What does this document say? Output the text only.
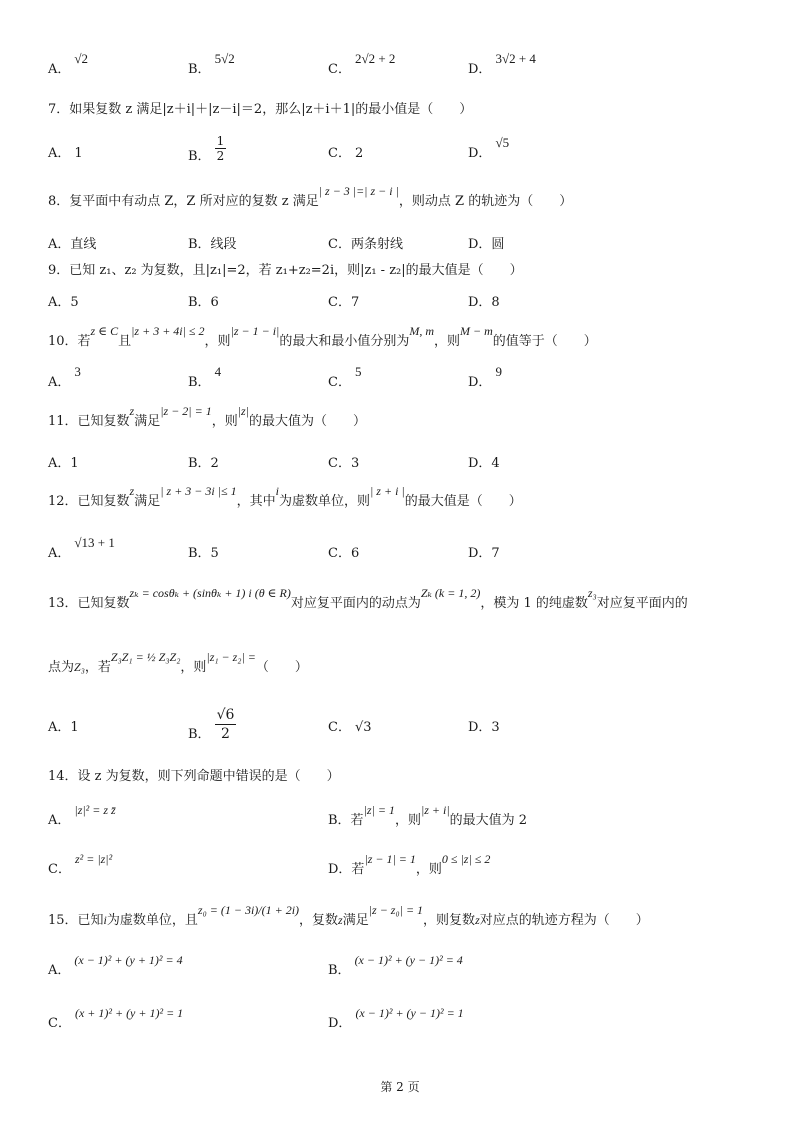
A．√2
B．5√2
C．2√2 + 2
D．3√2 + 4
7．如果复数 z 满足|z＋i|＋|z－i|＝2，那么|z＋i＋1|的最小值是（　　）
A． 1	B． $\frac{1}{2}$	C． 2	D．√5
8．复平面中有动点 Z，Z 所对应的复数 z 满足| z − 3 |=| z − i |，则动点 Z 的轨迹为（　　）
A．直线	B．线段	C．两条射线	D．圆
9．已知 z₁、z₂ 为复数，且|z₁|=2，若 z₁+z₂=2i，则|z₁ - z₂|的最大值是（　　）
A．5	B．6	C．7	D．8
10．若z ∈ C且|z + 3 + 4i| ≤ 2，则|z − 1 − i|的最大和最小值分别为M, m，则M − m的值等于（　　）
A．3
B．4
C．5
D．9
11．已知复数z满足|z − 2| = 1，则|z|的最大值为（　　）
A．1	B．2	C．3	D．4
12．已知复数z满足| z + 3 − 3i |≤ 1，其中i为虚数单位，则| z + i |的最大值是（　　）
A．√13 + 1
B．5	C．6	D．7
13．已知复数zₖ = cosθₖ + (sinθₖ + 1) i (θ ∈ R)对应复平面内的动点为Zₖ (k = 1, 2)，模为 1 的纯虚数z₃对应复平面内的
点为Z₃，若Z₃Z₁ = ½ Z₃Z₂，则|z₁ − z₂| =（　　）
A．1	B． $\frac{√6}{2}$	C． √3	D．3
14．设 z 为复数，则下列命题中错误的是（　　）
A．|z|² = z z̄
B．若|z| = 1，则|z + i|的最大值为 2
C．z² = |z|²
D．若|z − 1| = 1，则0 ≤ |z| ≤ 2
15．已知i为虚数单位，且z₀ = (1 − 3i)/(1 + 2i)，复数z满足|z − z₀| = 1，则复数z对应点的轨迹方程为（　　）
A．(x − 1)² + (y + 1)² = 4
B．(x − 1)² + (y − 1)² = 4
C．(x + 1)² + (y + 1)² = 1
D．(x − 1)² + (y − 1)² = 1
第 2 页
